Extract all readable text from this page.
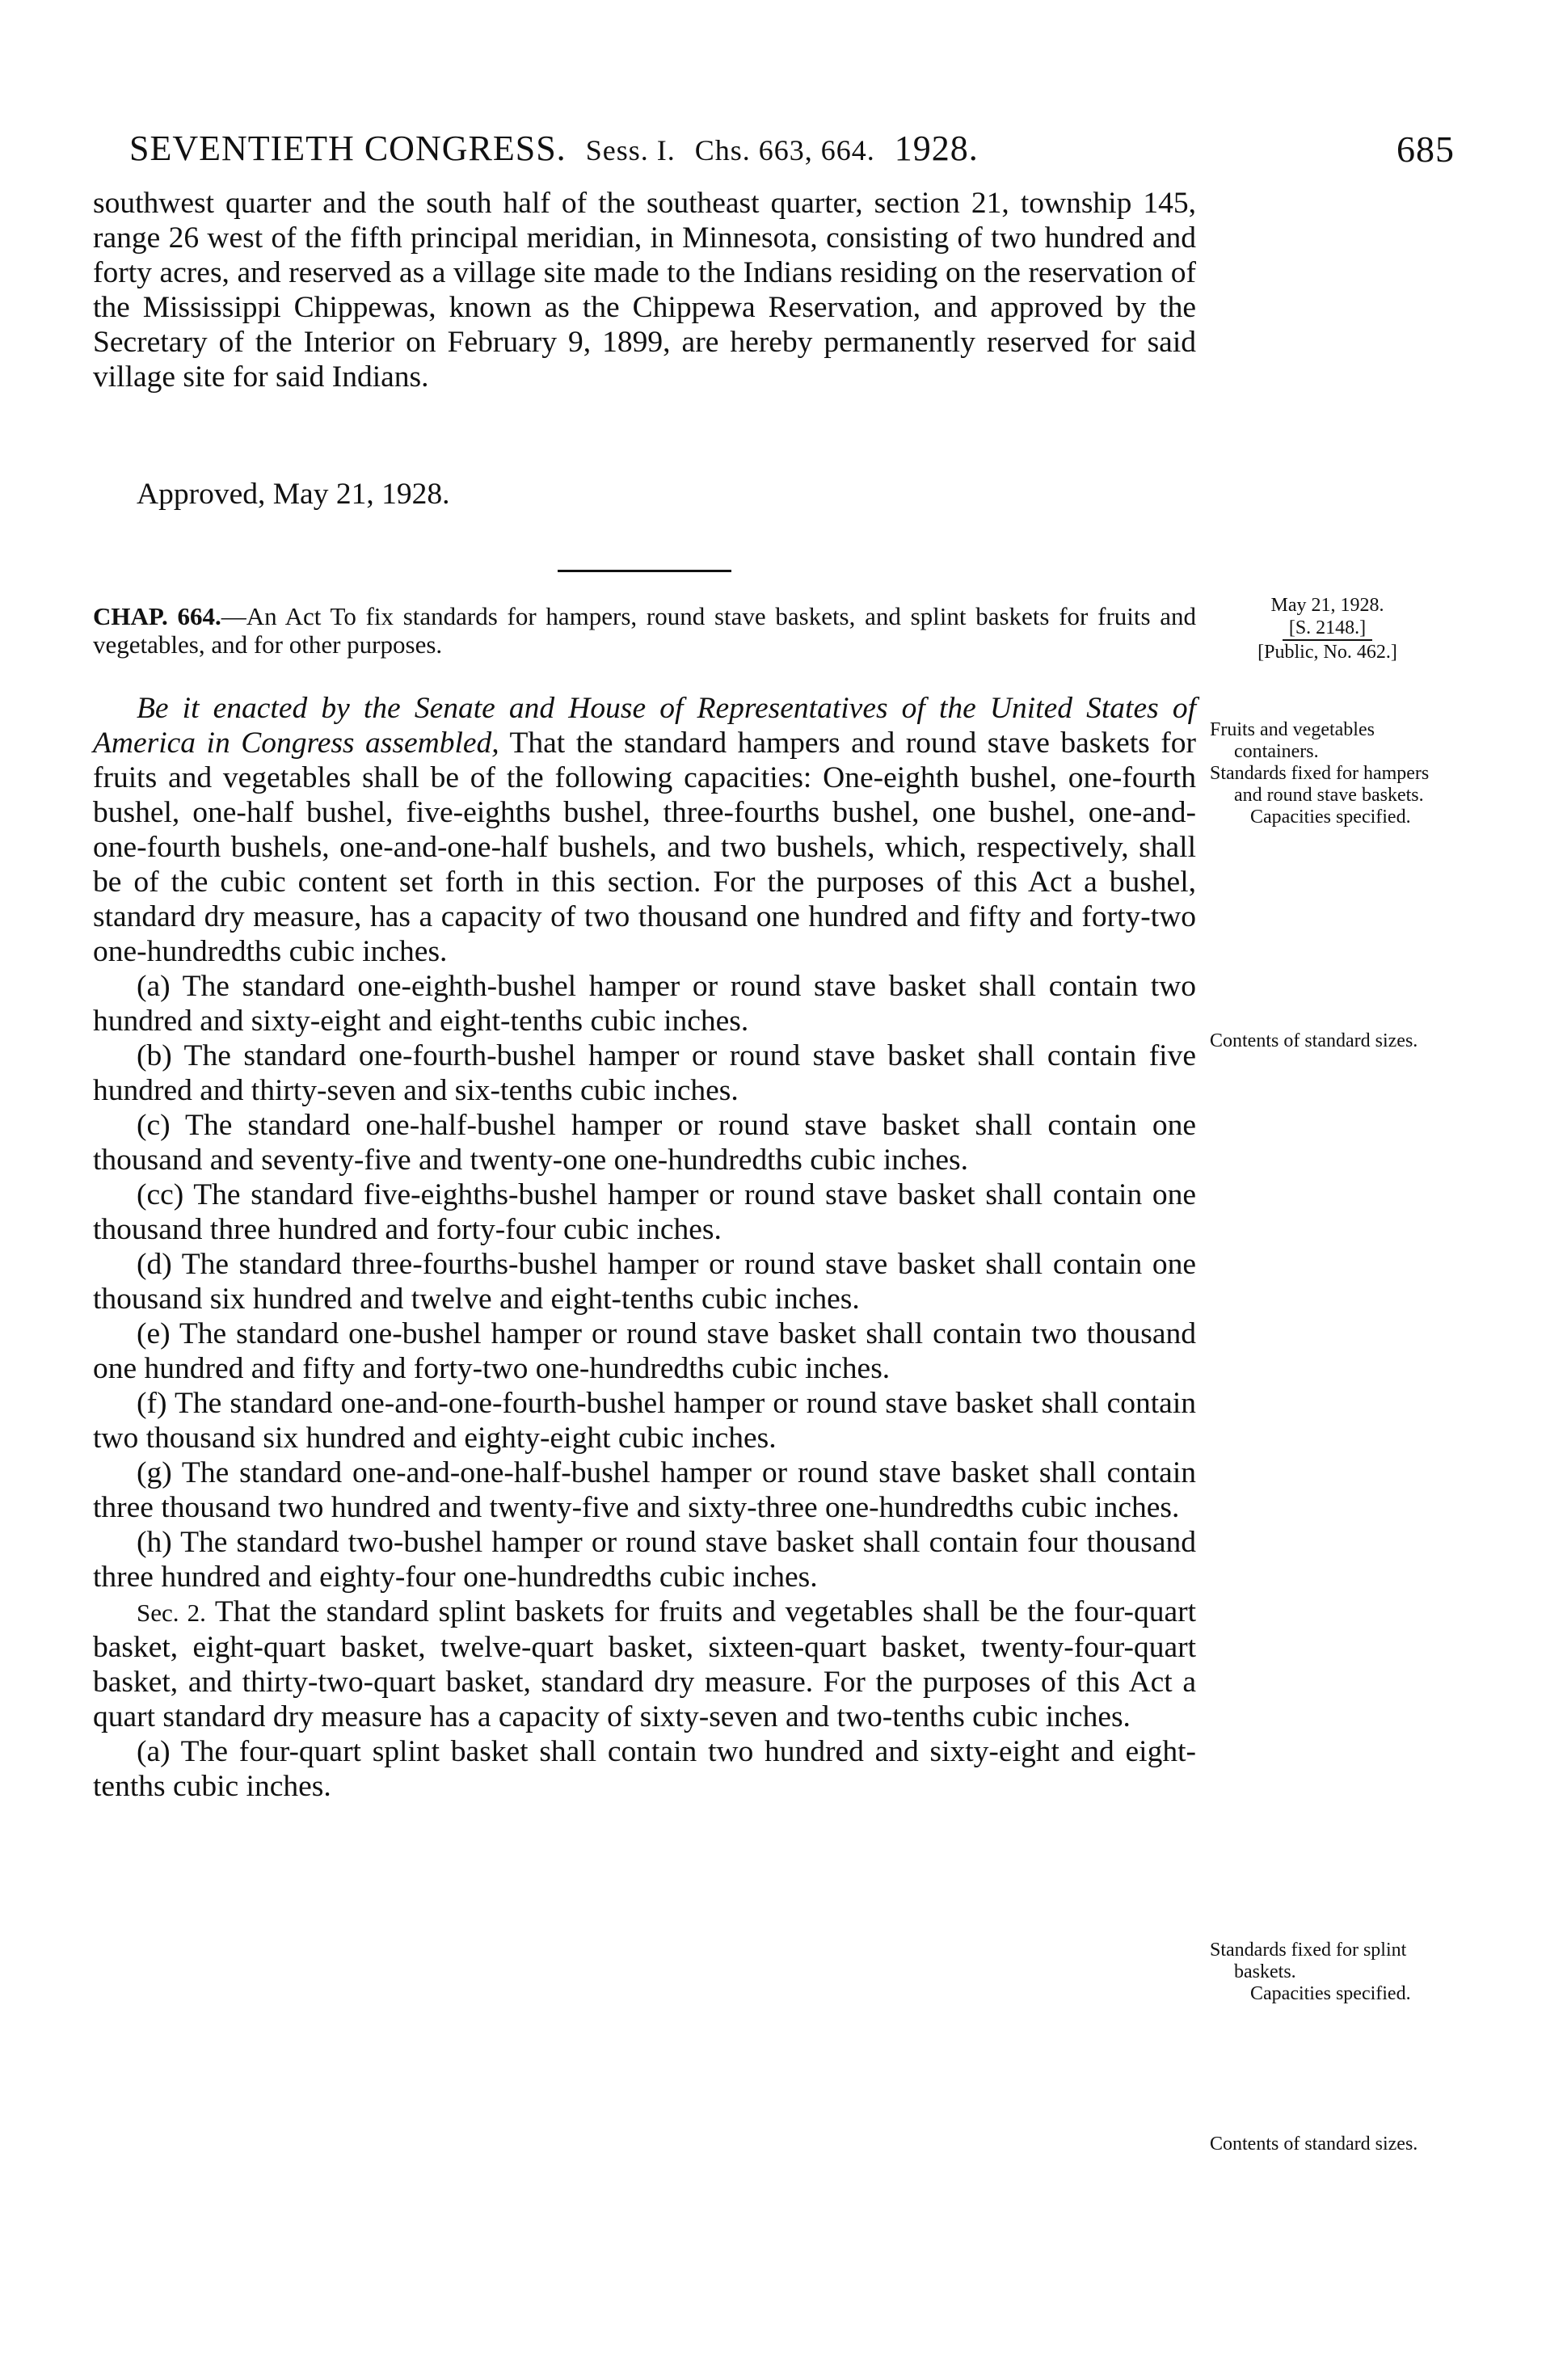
SEVENTIETH CONGRESS. Sess. I. Chs. 663, 664. 1928.	685

southwest quarter and the south half of the southeast quarter, section 21, township 145, range 26 west of the fifth principal meridian, in Minnesota, consisting of two hundred and forty acres, and reserved as a village site made to the Indians residing on the reservation of the Mississippi Chippewas, known as the Chippewa Reservation, and approved by the Secretary of the Interior on February 9, 1899, are hereby permanently reserved for said village site for said Indians.

Approved, May 21, 1928.

May 21, 1928.
[S. 2148.]
[Public, No. 462.]
CHAP. 664.—An Act To fix standards for hampers, round stave baskets, and splint baskets for fruits and vegetables, and for other purposes.

Be it enacted by the Senate and House of Representatives of the United States of America in Congress assembled, That the standard hampers and round stave baskets for fruits and vegetables shall be of the following capacities: One-eighth bushel, one-fourth bushel, one-half bushel, five-eighths bushel, three-fourths bushel, one bushel, one-and-one-fourth bushels, one-and-one-half bushels, and two bushels, which, respectively, shall be of the cubic content set forth in this section. For the purposes of this Act a bushel, standard dry measure, has a capacity of two thousand one hundred and fifty and forty-two one-hundredths cubic inches.

(a) The standard one-eighth-bushel hamper or round stave basket shall contain two hundred and sixty-eight and eight-tenths cubic inches.

(b) The standard one-fourth-bushel hamper or round stave basket shall contain five hundred and thirty-seven and six-tenths cubic inches.

(c) The standard one-half-bushel hamper or round stave basket shall contain one thousand and seventy-five and twenty-one one-hundredths cubic inches.

(cc) The standard five-eighths-bushel hamper or round stave basket shall contain one thousand three hundred and forty-four cubic inches.

(d) The standard three-fourths-bushel hamper or round stave basket shall contain one thousand six hundred and twelve and eight-tenths cubic inches.

(e) The standard one-bushel hamper or round stave basket shall contain two thousand one hundred and fifty and forty-two one-hundredths cubic inches.

(f) The standard one-and-one-fourth-bushel hamper or round stave basket shall contain two thousand six hundred and eighty-eight cubic inches.

(g) The standard one-and-one-half-bushel hamper or round stave basket shall contain three thousand two hundred and twenty-five and sixty-three one-hundredths cubic inches.

(h) The standard two-bushel hamper or round stave basket shall contain four thousand three hundred and eighty-four one-hundredths cubic inches.

Sec. 2. That the standard splint baskets for fruits and vegetables shall be the four-quart basket, eight-quart basket, twelve-quart basket, sixteen-quart basket, twenty-four-quart basket, and thirty-two-quart basket, standard dry measure. For the purposes of this Act a quart standard dry measure has a capacity of sixty-seven and two-tenths cubic inches.

(a) The four-quart splint basket shall contain two hundred and sixty-eight and eight-tenths cubic inches.

Fruits and vegetables containers.

Standards fixed for hampers and round stave baskets.

Capacities specified.

Contents of standard sizes.

Standards fixed for splint baskets.

Capacities specified.

Contents of standard sizes.
